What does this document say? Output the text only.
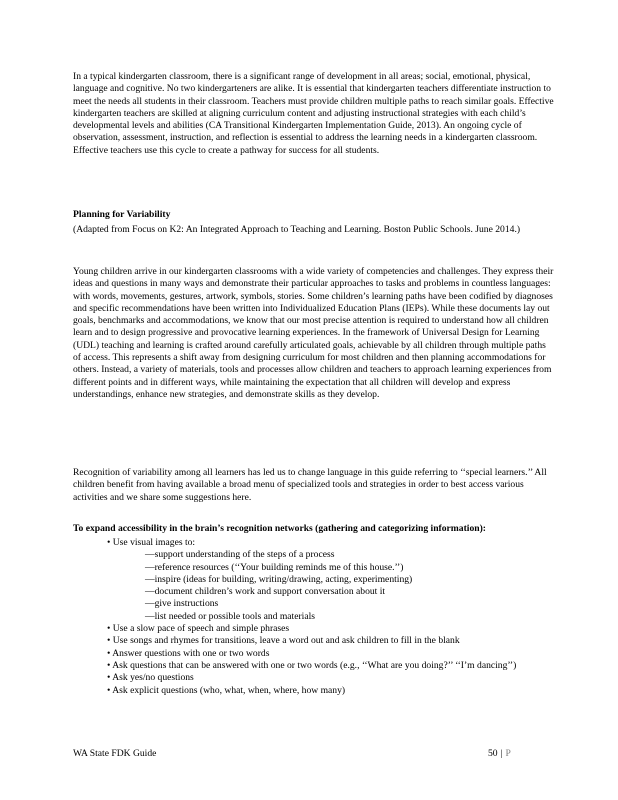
In a typical kindergarten classroom, there is a significant range of development in all areas; social, emotional, physical, language and cognitive. No two kindergarteners are alike. It is essential that kindergarten teachers differentiate instruction to meet the needs all students in their classroom. Teachers must provide children multiple paths to reach similar goals. Effective kindergarten teachers are skilled at aligning curriculum content and adjusting instructional strategies with each child’s developmental levels and abilities (CA Transitional Kindergarten Implementation Guide, 2013). An ongoing cycle of observation, assessment, instruction, and reflection is essential to address the learning needs in a kindergarten classroom. Effective teachers use this cycle to create a pathway for success for all students.

Planning for Variability

(Adapted from Focus on K2: An Integrated Approach to Teaching and Learning. Boston Public Schools. June 2014.)

Young children arrive in our kindergarten classrooms with a wide variety of competencies and challenges. They express their ideas and questions in many ways and demonstrate their particular approaches to tasks and problems in countless languages: with words, movements, gestures, artwork, symbols, stories. Some children’s learning paths have been codified by diagnoses and specific recommendations have been written into Individualized Education Plans (IEPs). While these documents lay out goals, benchmarks and accommodations, we know that our most precise attention is required to understand how all children learn and to design progressive and provocative learning experiences. In the framework of Universal Design for Learning (UDL) teaching and learning is crafted around carefully articulated goals, achievable by all children through multiple paths of access. This represents a shift away from designing curriculum for most children and then planning accommodations for others. Instead, a variety of materials, tools and processes allow children and teachers to approach learning experiences from different points and in different ways, while maintaining the expectation that all children will develop and express understandings, enhance new strategies, and demonstrate skills as they develop.

Recognition of variability among all learners has led us to change language in this guide referring to ‘‘special learners.’’ All children benefit from having available a broad menu of specialized tools and strategies in order to best access various activities and we share some suggestions here.

To expand accessibility in the brain’s recognition networks (gathering and categorizing information):

• Use visual images to:

—support understanding of the steps of a process

—reference resources (‘‘Your building reminds me of this house.’’)

—inspire (ideas for building, writing/drawing, acting, experimenting)

—document children’s work and support conversation about it

—give instructions

—list needed or possible tools and materials

• Use a slow pace of speech and simple phrases

• Use songs and rhymes for transitions, leave a word out and ask children to fill in the blank

• Answer questions with one or two words

• Ask questions that can be answered with one or two words (e.g., ‘‘What are you doing?’’ ‘‘I’m dancing’’)

• Ask yes/no questions

• Ask explicit questions (who, what, when, where, how many)

WA State FDK Guide	50 | P
